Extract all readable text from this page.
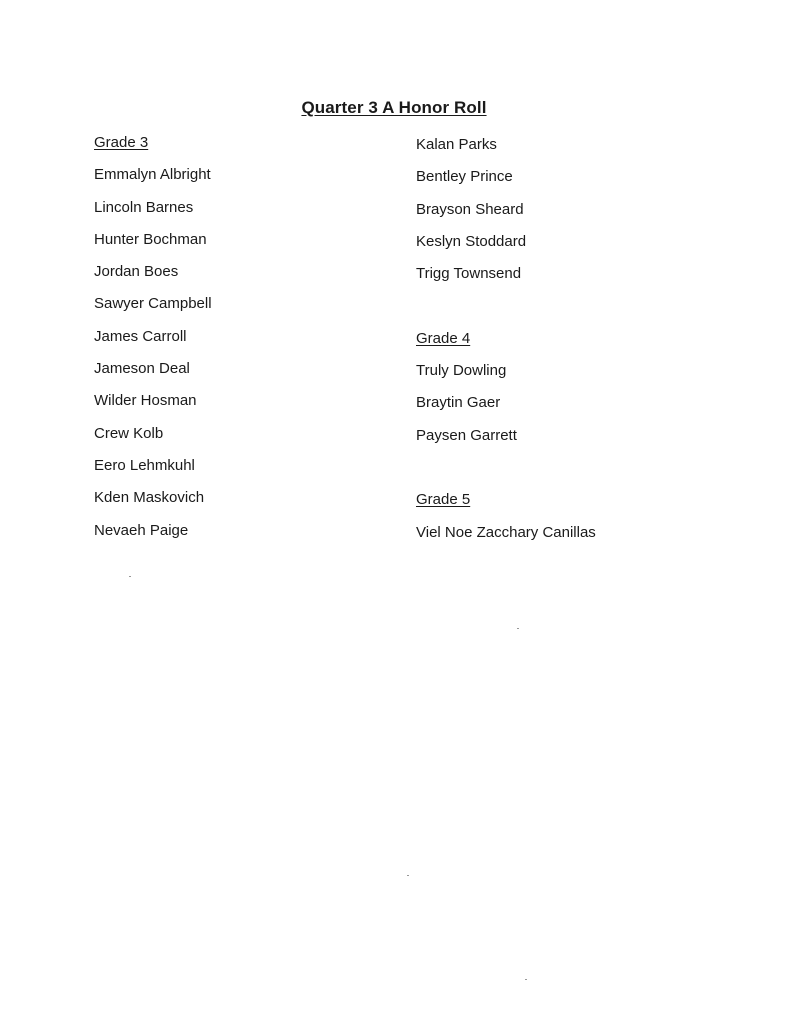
Quarter 3 A Honor Roll
Grade 3
Emmalyn Albright
Lincoln Barnes
Hunter Bochman
Jordan Boes
Sawyer Campbell
James Carroll
Jameson Deal
Wilder Hosman
Crew Kolb
Eero Lehmkuhl
Kden Maskovich
Nevaeh Paige
Kalan Parks
Bentley Prince
Brayson Sheard
Keslyn Stoddard
Trigg Townsend
Grade 4
Truly Dowling
Braytin Gaer
Paysen Garrett
Grade 5
Viel Noe Zacchary Canillas
